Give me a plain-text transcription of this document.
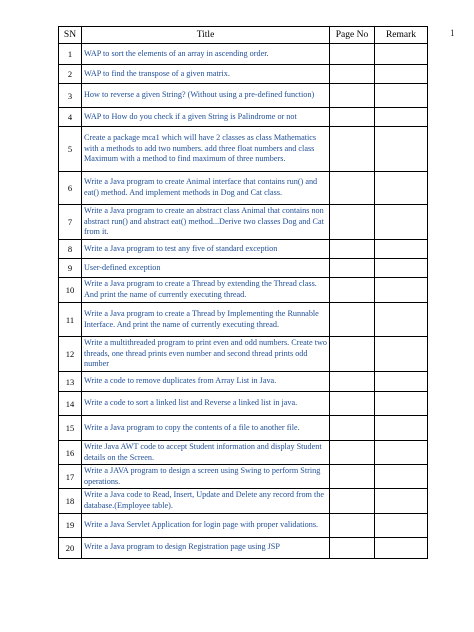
1
SN	Title	Page No	Remark
1	WAP to sort the elements of an array in ascending order.		
2	WAP to find the transpose of a given matrix.		
3	How to reverse a given String? (Without using a pre-defined function)		
4	WAP to How do you check if a given String is Palindrome or not		
5	Create a package mca1 which will have 2 classes as class Mathematics with a methods to add two numbers. add three float numbers and class Maximum with a method to find maximum of three numbers.		
6	Write a Java program to create Animal interface that contains run() and eat() method. And implement methods in Dog and Cat class.		
7	Write a Java program to create an abstract class Animal that contains non abstract run() and abstract eat() method...Derive two classes Dog and Cat from it.		
8	Write a Java program to test any five of standard exception		
9	User-defined exception		
10	Write a Java program to create a Thread by extending the Thread class. And print the name of currently executing thread.		
11	Write a Java program to create a Thread by Implementing the Runnable Interface. And print the name of currently executing thread.		
12	Write a multithreaded program to print even and odd numbers. Create two threads, one thread prints even number and second thread prints odd number		
13	Write a code to remove duplicates from Array List in Java.		
14	Write a code to sort a linked list and Reverse a linked list in java.		
15	Write a Java program to copy the contents of a file to another file.		
16	Write Java AWT code to accept Student information and display Student details on the Screen.		
17	Write a JAVA program to design a screen using Swing to perform String operations.		
18	Write a Java code to Read, Insert, Update and Delete any record from the database.(Employee table).		
19	Write a Java Servlet Application for login page with proper validations.		
20	Write a Java program to design Registration page using JSP		
